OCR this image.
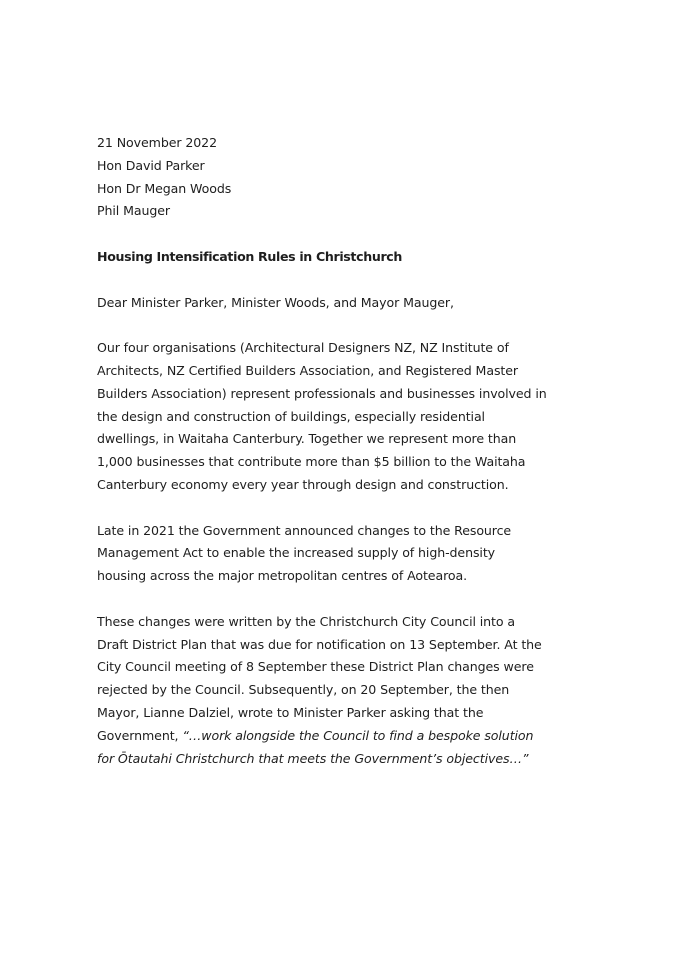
21 November 2022

Hon David Parker
Hon Dr Megan Woods
Phil Mauger

Housing Intensification Rules in Christchurch

Dear Minister Parker, Minister Woods, and Mayor Mauger,

Our four organisations (Architectural Designers NZ, NZ Institute of Architects, NZ Certified Builders Association, and Registered Master Builders Association) represent professionals and businesses involved in the design and construction of buildings, especially residential dwellings, in Waitaha Canterbury. Together we represent more than 1,000 businesses that contribute more than $5 billion to the Waitaha Canterbury economy every year through design and construction.

Late in 2021 the Government announced changes to the Resource Management Act to enable the increased supply of high-density housing across the major metropolitan centres of Aotearoa.

These changes were written by the Christchurch City Council into a Draft District Plan that was due for notification on 13 September. At the City Council meeting of 8 September these District Plan changes were rejected by the Council. Subsequently, on 20 September, the then Mayor, Lianne Dalziel, wrote to Minister Parker asking that the Government, “…work alongside the Council to find a bespoke solution for Ōtautahi Christchurch that meets the Government’s objectives…”
